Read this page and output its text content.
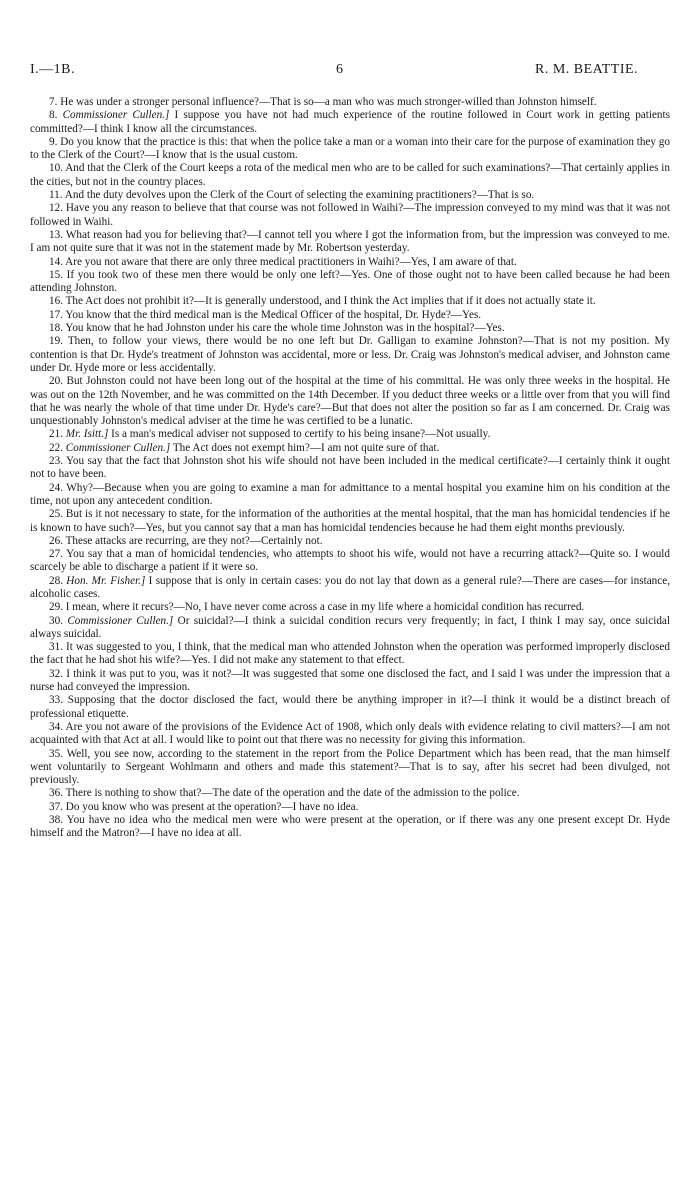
I.—1B.	6	R. M. BEATTIE.

7. He was under a stronger personal influence?—That is so—a man who was much stronger-willed than Johnston himself.

8. Commissioner Cullen.] I suppose you have not had much experience of the routine followed in Court work in getting patients committed?—I think I know all the circumstances.

9. Do you know that the practice is this: that when the police take a man or a woman into their care for the purpose of examination they go to the Clerk of the Court?—I know that is the usual custom.

10. And that the Clerk of the Court keeps a rota of the medical men who are to be called for such examinations?—That certainly applies in the cities, but not in the country places.

11. And the duty devolves upon the Clerk of the Court of selecting the examining practitioners?—That is so.

12. Have you any reason to believe that that course was not followed in Waihi?—The impression conveyed to my mind was that it was not followed in Waihi.

13. What reason had you for believing that?—I cannot tell you where I got the information from, but the impression was conveyed to me. I am not quite sure that it was not in the statement made by Mr. Robertson yesterday.

14. Are you not aware that there are only three medical practitioners in Waihi?—Yes, I am aware of that.

15. If you took two of these men there would be only one left?—Yes. One of those ought not to have been called because he had been attending Johnston.

16. The Act does not prohibit it?—It is generally understood, and I think the Act implies that if it does not actually state it.

17. You know that the third medical man is the Medical Officer of the hospital, Dr. Hyde?—Yes.

18. You know that he had Johnston under his care the whole time Johnston was in the hospital?—Yes.

19. Then, to follow your views, there would be no one left but Dr. Galligan to examine Johnston?—That is not my position. My contention is that Dr. Hyde's treatment of Johnston was accidental, more or less. Dr. Craig was Johnston's medical adviser, and Johnston came under Dr. Hyde more or less accidentally.

20. But Johnston could not have been long out of the hospital at the time of his committal. He was only three weeks in the hospital. He was out on the 12th November, and he was committed on the 14th December. If you deduct three weeks or a little over from that you will find that he was nearly the whole of that time under Dr. Hyde's care?—But that does not alter the position so far as I am concerned. Dr. Craig was unquestionably Johnston's medical adviser at the time he was certified to be a lunatic.

21. Mr. Isitt.] Is a man's medical adviser not supposed to certify to his being insane?—Not usually.

22. Commissioner Cullen.] The Act does not exempt him?—I am not quite sure of that.

23. You say that the fact that Johnston shot his wife should not have been included in the medical certificate?—I certainly think it ought not to have been.

24. Why?—Because when you are going to examine a man for admittance to a mental hospital you examine him on his condition at the time, not upon any antecedent condition.

25. But is it not necessary to state, for the information of the authorities at the mental hospital, that the man has homicidal tendencies if he is known to have such?—Yes, but you cannot say that a man has homicidal tendencies because he had them eight months previously.

26. These attacks are recurring, are they not?—Certainly not.

27. You say that a man of homicidal tendencies, who attempts to shoot his wife, would not have a recurring attack?—Quite so. I would scarcely be able to discharge a patient if it were so.

28. Hon. Mr. Fisher.] I suppose that is only in certain cases: you do not lay that down as a general rule?—There are cases—for instance, alcoholic cases.

29. I mean, where it recurs?—No, I have never come across a case in my life where a homicidal condition has recurred.

30. Commissioner Cullen.] Or suicidal?—I think a suicidal condition recurs very frequently; in fact, I think I may say, once suicidal always suicidal.

31. It was suggested to you, I think, that the medical man who attended Johnston when the operation was performed improperly disclosed the fact that he had shot his wife?—Yes. I did not make any statement to that effect.

32. I think it was put to you, was it not?—It was suggested that some one disclosed the fact, and I said I was under the impression that a nurse had conveyed the impression.

33. Supposing that the doctor disclosed the fact, would there be anything improper in it?—I think it would be a distinct breach of professional etiquette.

34. Are you not aware of the provisions of the Evidence Act of 1908, which only deals with evidence relating to civil matters?—I am not acquainted with that Act at all. I would like to point out that there was no necessity for giving this information.

35. Well, you see now, according to the statement in the report from the Police Department which has been read, that the man himself went voluntarily to Sergeant Wohlmann and others and made this statement?—That is to say, after his secret had been divulged, not previously.

36. There is nothing to show that?—The date of the operation and the date of the admission to the police.

37. Do you know who was present at the operation?—I have no idea.

38. You have no idea who the medical men were who were present at the operation, or if there was any one present except Dr. Hyde himself and the Matron?—I have no idea at all.
